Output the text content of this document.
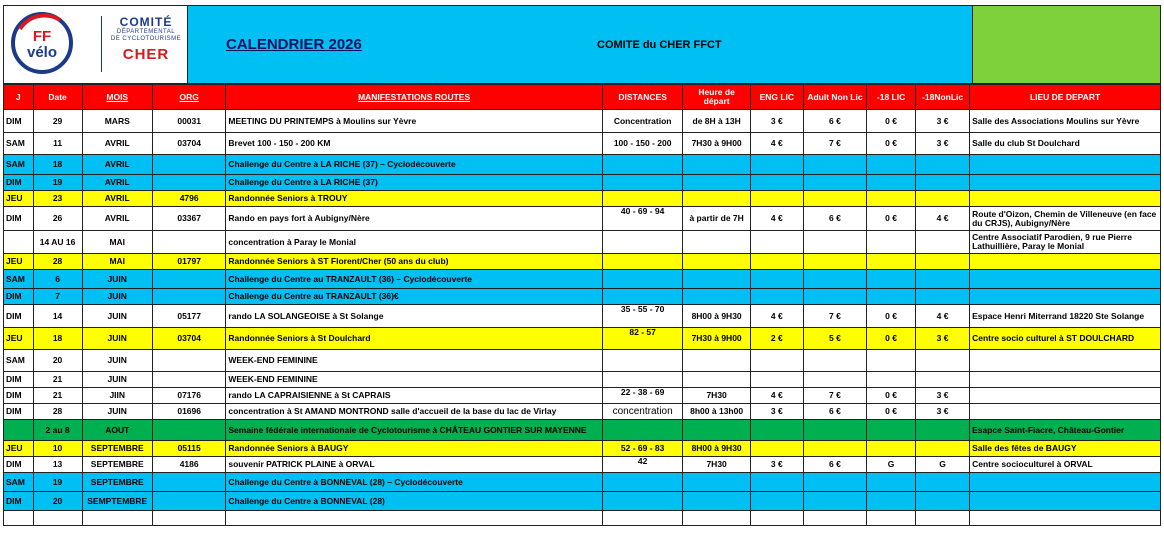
FF
vélo
COMITÉ
DÉPARTEMENTAL
DE CYCLOTOURISME
CHER
CALENDRIER 2026	COMITE du CHER FFCT
J	Date	MOIS	ORG	MANIFESTATIONS ROUTES	DISTANCES	Heure de départ	ENG LIC	Adult Non Lic	-18 LIC	-18NonLic	LIEU DE DEPART
DIM	29	MARS	00031	MEETING DU PRINTEMPS à Moulins sur Yèvre	Concentration	de 8H à 13H	3 €	6 €	0 €	3 €	Salle des Associations Moulins sur Yèvre
SAM	11	AVRIL	03704	Brevet 100 - 150 - 200 KM	100 - 150 - 200	7H30 à 9H00	4 €	7 €	0 €	3 €	Salle du club St Doulchard
SAM	18	AVRIL		Challenge du Centre à LA RICHE (37) – Cyclodécouverte							
DIM	19	AVRIL		Challenge du Centre à LA RICHE (37)							
JEU	23	AVRIL	4796	Randonnée Seniors à TROUY							
DIM	26	AVRIL	03367	Rando en pays fort à Aubigny/Nère	40 - 69 - 94	à partir de 7H	4 €	6 €	0 €	4 €	Route d'Oizon, Chemin de Villeneuve (en face du CRJS), Aubigny/Nère
	14 AU 16	MAI		concentration à Paray le Monial							Centre Associatif Parodien, 9 rue Pierre Lathuillière, Paray le Monial
JEU	28	MAI	01797	Randonnée Seniors à ST Florent/Cher (50 ans du club)							
SAM	6	JUIN		Challenge du Centre au TRANZAULT (36) – Cyclodécouverte							
DIM	7	JUIN		Challenge du Centre au TRANZAULT (36)€							
DIM	14	JUIN	05177	rando LA SOLANGEOISE à St Solange	35 - 55 - 70	8H00 à 9H30	4 €	7 €	0 €	4 €	Espace Henri Miterrand 18220 Ste Solange
JEU	18	JUIN	03704	Randonnée Seniors à St Doulchard	82 - 57	7H30 à 9H00	2 €	5 €	0 €	3 €	Centre socio culturel à ST DOULCHARD
SAM	20	JUIN		WEEK-END FEMININE							
DIM	21	JUIN		WEEK-END FEMININE							
DIM	21	JIIN	07176	rando LA CAPRAISIENNE à St CAPRAIS	22 - 38 - 69	7H30	4 €	7 €	0 €	3 €	
DIM	28	JUIN	01696	concentration à St AMAND MONTROND salle d'accueil de la base du lac de Virlay	concentration	8h00 à 13h00	3 €	6 €	0 €	3 €	
	2 au 8	AOUT		Semaine fédérale internationale de Cyclotourisme à CHÂTEAU GONTIER SUR MAYENNE							Esapce Saint-Fiacre, Château-Gontier
JEU	10	SEPTEMBRE	05115	Randonnée Seniors à BAUGY	52 - 69 - 83	8H00 à 9H30					Salle des fêtes de BAUGY
DIM	13	SEPTEMBRE	4186	souvenir PATRICK PLAINE à ORVAL	42	7H30	3 €	6 €	G	G	Centre socioculturel à ORVAL
SAM	19	SEPTEMBRE		Challenge du Centre à BONNEVAL (28) – Cyclodécouverte							
DIM	20	SEMPTEMBRE		Challenge du Centre à BONNEVAL (28)							
